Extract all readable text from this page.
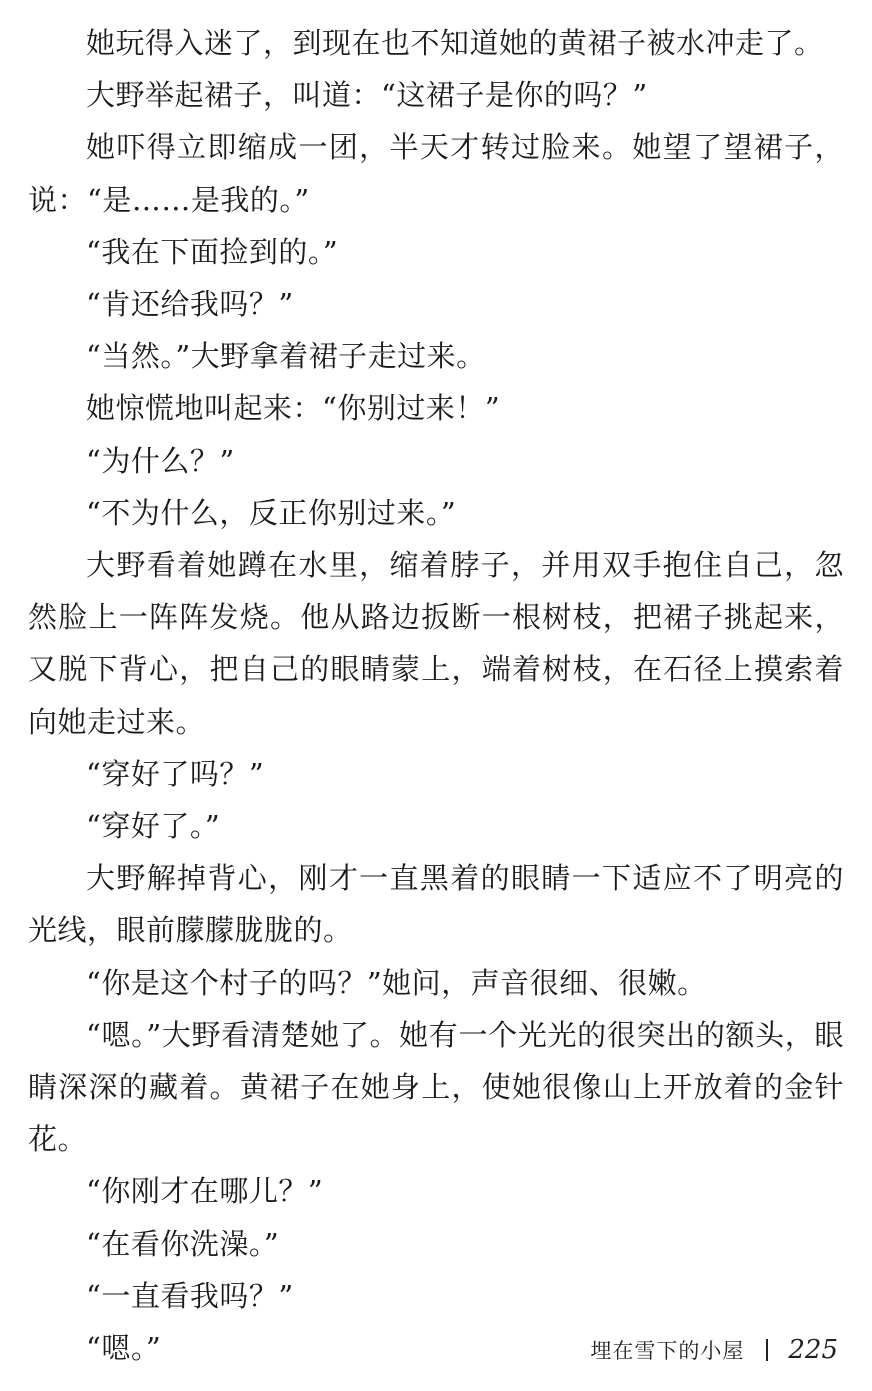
她玩得入迷了，到现在也不知道她的黄裙子被水冲走了。

大野举起裙子，叫道：“这裙子是你的吗？”

她吓得立即缩成一团，半天才转过脸来。她望了望裙子，说：“是……是我的。”

“我在下面捡到的。”

“肯还给我吗？”

“当然。”大野拿着裙子走过来。

她惊慌地叫起来：“你别过来！”

“为什么？”

“不为什么，反正你别过来。”

大野看着她蹲在水里，缩着脖子，并用双手抱住自己，忽然脸上一阵阵发烧。他从路边扳断一根树枝，把裙子挑起来，又脱下背心，把自己的眼睛蒙上，端着树枝，在石径上摸索着向她走过来。

“穿好了吗？”

“穿好了。”

大野解掉背心，刚才一直黑着的眼睛一下适应不了明亮的光线，眼前朦朦胧胧的。

“你是这个村子的吗？”她问，声音很细、很嫩。

“嗯。”大野看清楚她了。她有一个光光的很突出的额头，眼睛深深的藏着。黄裙子在她身上，使她很像山上开放着的金针花。

“你刚才在哪儿？”

“在看你洗澡。”

“一直看我吗？”

“嗯。”	埋在雪下的小屋 225
